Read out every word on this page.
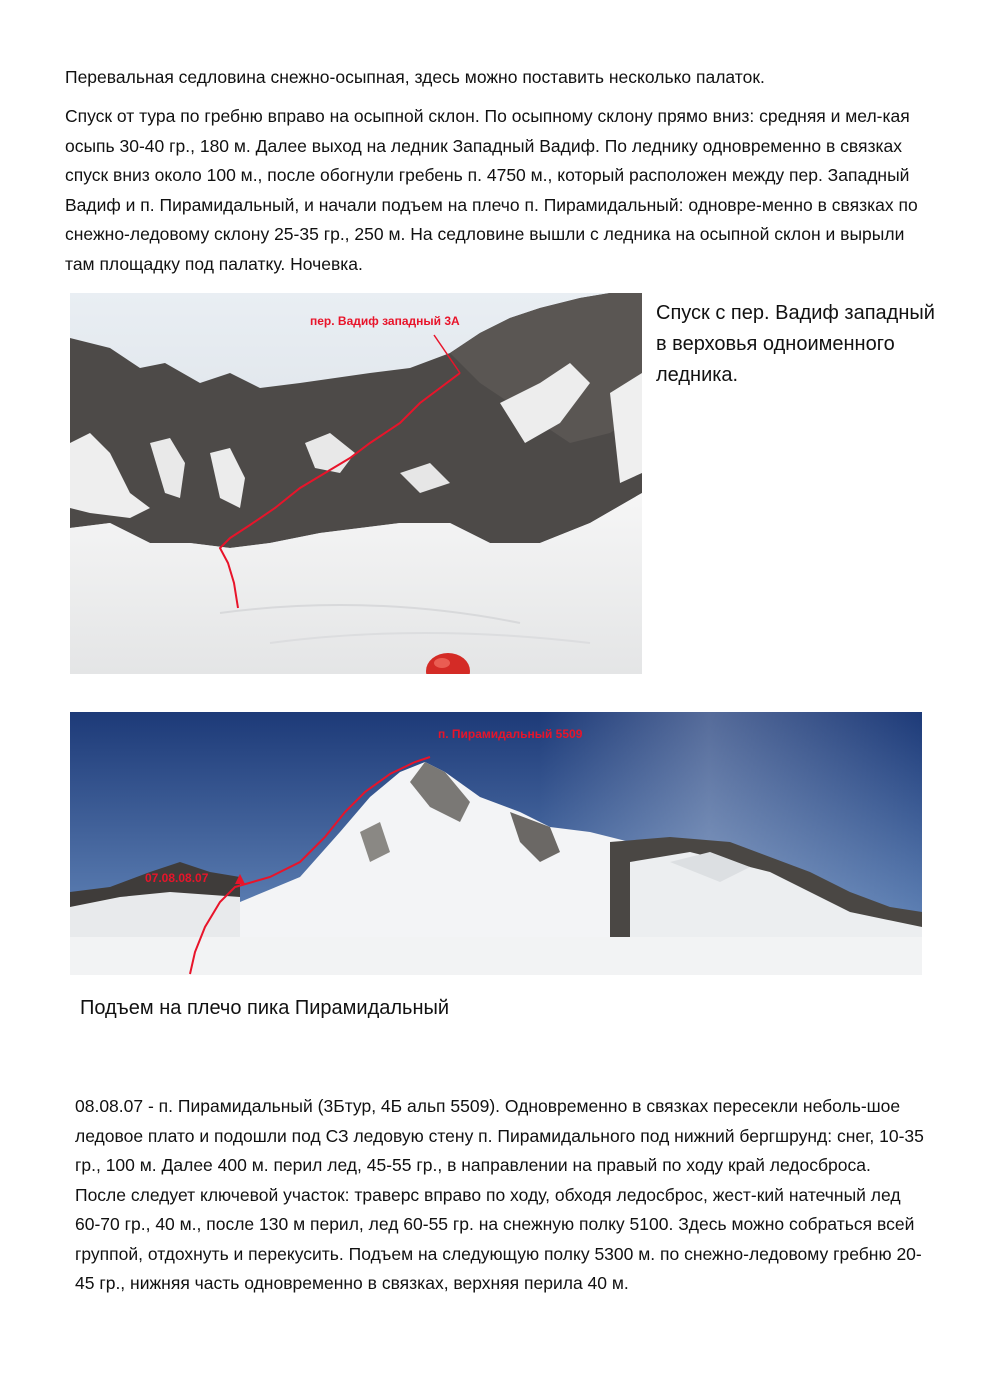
Перевальная седловина снежно-осыпная, здесь можно поставить несколько палаток.

Спуск от тура по гребню вправо на осыпной склон. По осыпному склону прямо вниз: средняя и мел-кая осыпь 30-40 гр., 180 м. Далее выход на ледник Западный Вадиф. По леднику одновременно в связках спуск вниз около 100 м., после обогнули гребень п. 4750 м., который расположен между пер. Западный Вадиф и п. Пирамидальный, и начали подъем на плечо п. Пирамидальный: одновре-менно в связках по снежно-ледовому склону 25-35 гр., 250 м. На седловине вышли с ледника на осыпной склон и вырыли там площадку под палатку. Ночевка.

пер. Вадиф западный 3А	Спуск с пер. Вадиф западный в верховья одноименного ледника.
07.08.08.07
п. Пирамидальный 5509
Подъем на плечо пика Пирамидальный

08.08.07 - п. Пирамидальный (3Бтур, 4Б альп 5509). Одновременно в связках пересекли неболь-шое ледовое плато и подошли под СЗ ледовую стену п. Пирамидального под нижний бергшрунд: снег, 10-35 гр., 100 м. Далее 400 м. перил лед, 45-55 гр., в направлении на правый по ходу край ледосброса. После следует ключевой участок: траверс вправо по ходу, обходя ледосброс, жест-кий натечный лед 60-70 гр., 40 м., после 130 м перил, лед 60-55 гр. на снежную полку 5100. Здесь можно собраться всей группой, отдохнуть и перекусить. Подъем на следующую полку 5300 м. по снежно-ледовому гребню 20-45 гр., нижняя часть одновременно в связках, верхняя перила 40 м.
